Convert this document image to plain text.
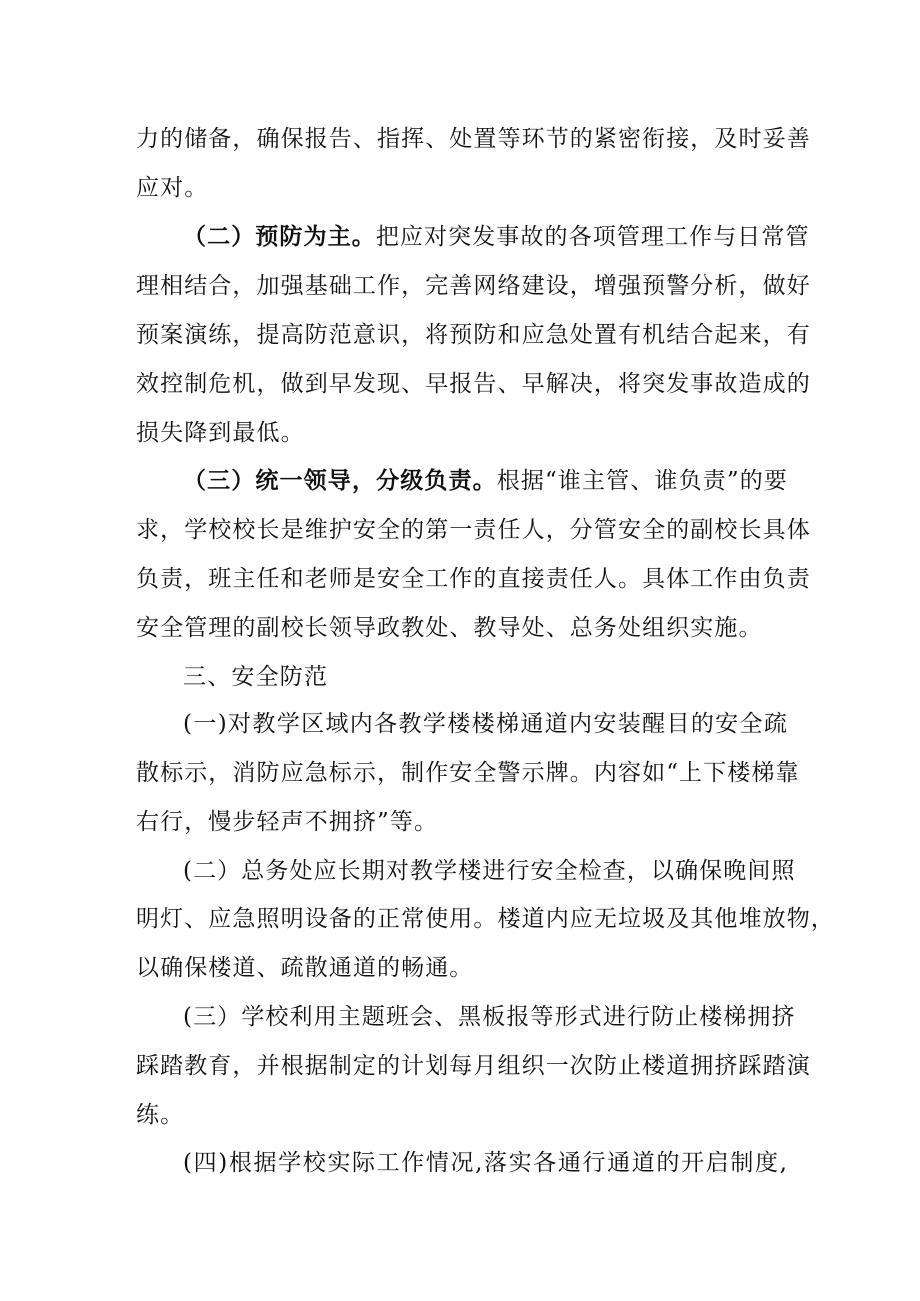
力的储备，确保报告、指挥、处置等环节的紧密衔接，及时妥善
应对。
（二）预防为主。把应对突发事故的各项管理工作与日常管
理相结合，加强基础工作，完善网络建设，增强预警分析，做好
预案演练，提高防范意识，将预防和应急处置有机结合起来，有
效控制危机，做到早发现、早报告、早解决，将突发事故造成的
损失降到最低。
（三）统一领导，分级负责。根据“谁主管、谁负责”的要
求，学校校长是维护安全的第一责任人，分管安全的副校长具体
负责，班主任和老师是安全工作的直接责任人。具体工作由负责
安全管理的副校长领导政教处、教导处、总务处组织实施。
三、安全防范
(一)对教学区域内各教学楼楼梯通道内安装醒目的安全疏
散标示，消防应急标示，制作安全警示牌。内容如“上下楼梯靠
右行，慢步轻声不拥挤”等。
(二）总务处应长期对教学楼进行安全检查，以确保晚间照
明灯、应急照明设备的正常使用。楼道内应无垃圾及其他堆放物，
以确保楼道、疏散通道的畅通。
(三）学校利用主题班会、黑板报等形式进行防止楼梯拥挤
踩踏教育，并根据制定的计划每月组织一次防止楼道拥挤踩踏演
练。
(四)根据学校实际工作情况,落实各通行通道的开启制度,
